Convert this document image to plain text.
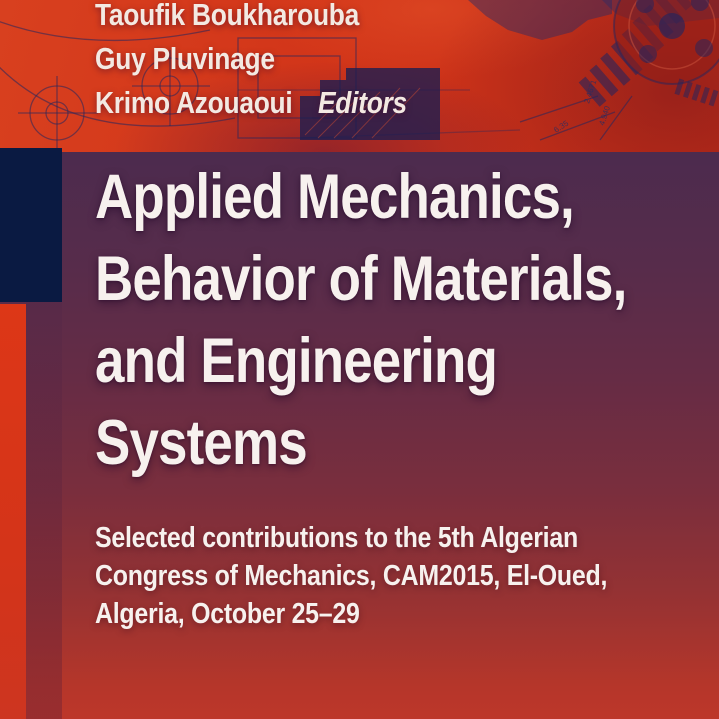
6.35
4.940
2.4671
Taoufik Boukharouba
Guy Pluvinage
Krimo Azouaoui Editors
Applied Mechanics,
Behavior of Materials,
and Engineering
Systems
Selected contributions to the 5th Algerian
Congress of Mechanics, CAM2015, El-Oued,
Algeria, October 25–29
